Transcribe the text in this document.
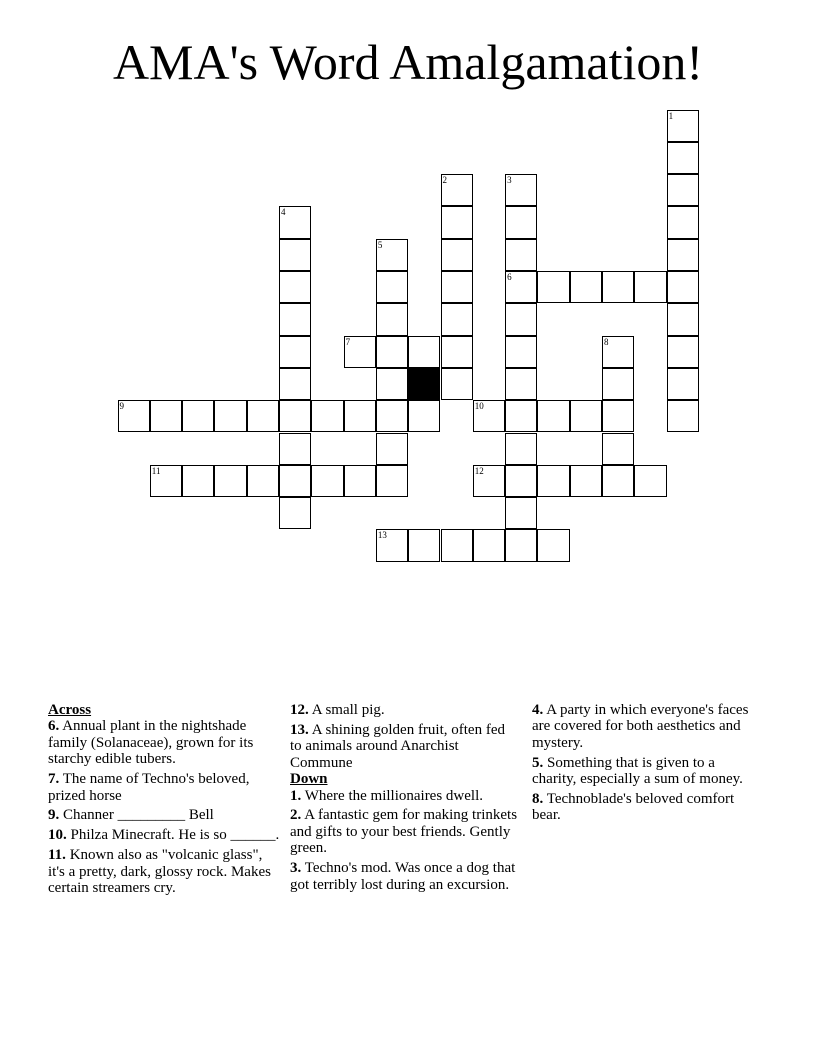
AMA's Word Amalgamation!
1
2	3
4
5
6
7	8
9	10
11	12
13
Across
6. Annual plant in the nightshade family (Solanaceae), grown for its starchy edible tubers.
7. The name of Techno's beloved, prized horse
9. Channer _________ Bell
10. Philza Minecraft. He is so ______.
11. Known also as "volcanic glass", it's a pretty, dark, glossy rock. Makes certain streamers cry.
12. A small pig.
13. A shining golden fruit, often fed to animals around Anarchist Commune
Down
1. Where the millionaires dwell.
2. A fantastic gem for making trinkets and gifts to your best friends. Gently green.
3. Techno's mod. Was once a dog that got terribly lost during an excursion.
4. A party in which everyone's faces are covered for both aesthetics and mystery.
5. Something that is given to a charity, especially a sum of money.
8. Technoblade's beloved comfort bear.
